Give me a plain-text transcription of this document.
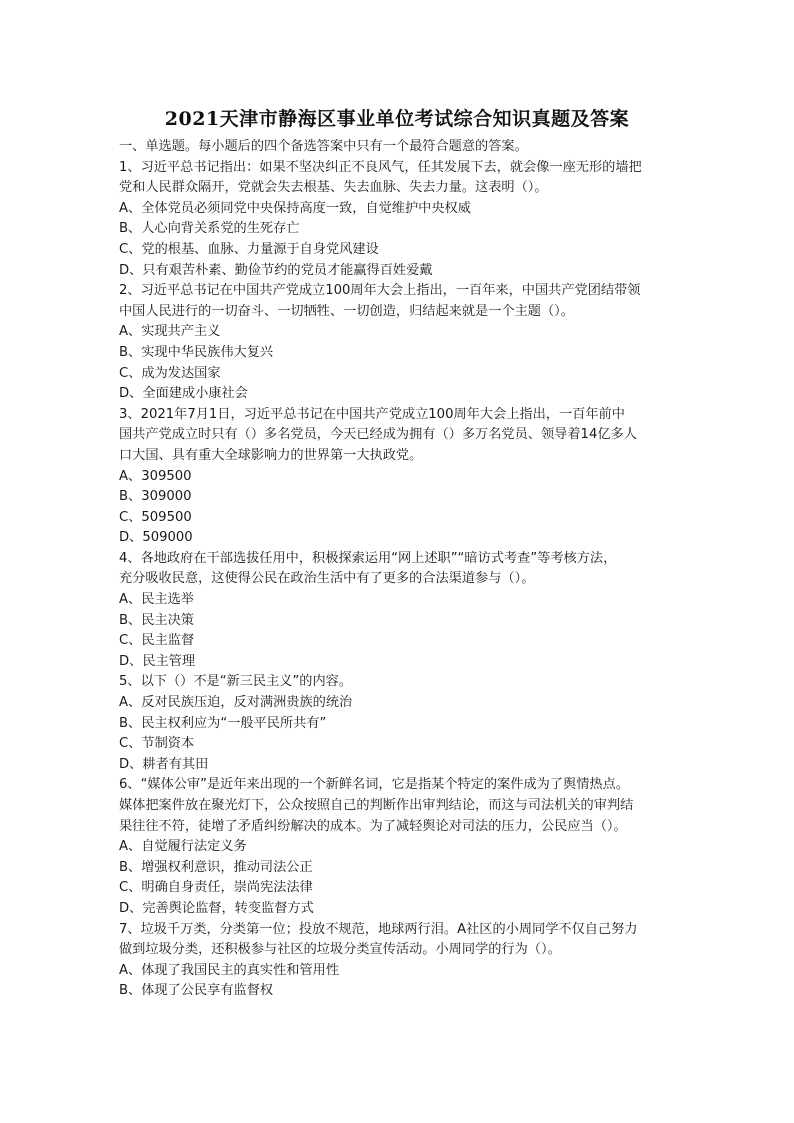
2021天津市静海区事业单位考试综合知识真题及答案
一、单选题。每小题后的四个备选答案中只有一个最符合题意的答案。
1、习近平总书记指出：如果不坚决纠正不良风气，任其发展下去，就会像一座无形的墙把
党和人民群众隔开，党就会失去根基、失去血脉、失去力量。这表明（）。
A、全体党员必须同党中央保持高度一致，自觉维护中央权威
B、人心向背关系党的生死存亡
C、党的根基、血脉、力量源于自身党风建设
D、只有艰苦朴素、勤俭节约的党员才能赢得百姓爱戴
2、习近平总书记在中国共产党成立100周年大会上指出，一百年来，中国共产党团结带领
中国人民进行的一切奋斗、一切牺牲、一切创造，归结起来就是一个主题（）。
A、实现共产主义
B、实现中华民族伟大复兴
C、成为发达国家
D、全面建成小康社会
3、2021年7月1日，习近平总书记在中国共产党成立100周年大会上指出，一百年前中
国共产党成立时只有（）多名党员，今天已经成为拥有（）多万名党员、领导着14亿多人
口大国、具有重大全球影响力的世界第一大执政党。
A、309500
B、309000
C、509500
D、509000
4、各地政府在干部选拔任用中，积极探索运用“网上述职”“暗访式考查”等考核方法，
充分吸收民意，这使得公民在政治生活中有了更多的合法渠道参与（）。
A、民主选举
B、民主决策
C、民主监督
D、民主管理
5、以下（）不是“新三民主义”的内容。
A、反对民族压迫，反对满洲贵族的统治
B、民主权利应为“一般平民所共有”
C、节制资本
D、耕者有其田
6、“媒体公审”是近年来出现的一个新鲜名词，它是指某个特定的案件成为了舆情热点。
媒体把案件放在聚光灯下，公众按照自己的判断作出审判结论，而这与司法机关的审判结
果往往不符，徒增了矛盾纠纷解决的成本。为了减轻舆论对司法的压力，公民应当（）。
A、自觉履行法定义务
B、增强权利意识，推动司法公正
C、明确自身责任，崇尚宪法法律
D、完善舆论监督，转变监督方式
7、垃圾千万类，分类第一位；投放不规范，地球两行泪。A社区的小周同学不仅自己努力
做到垃圾分类，还积极参与社区的垃圾分类宣传活动。小周同学的行为（）。
A、体现了我国民主的真实性和管用性
B、体现了公民享有监督权
